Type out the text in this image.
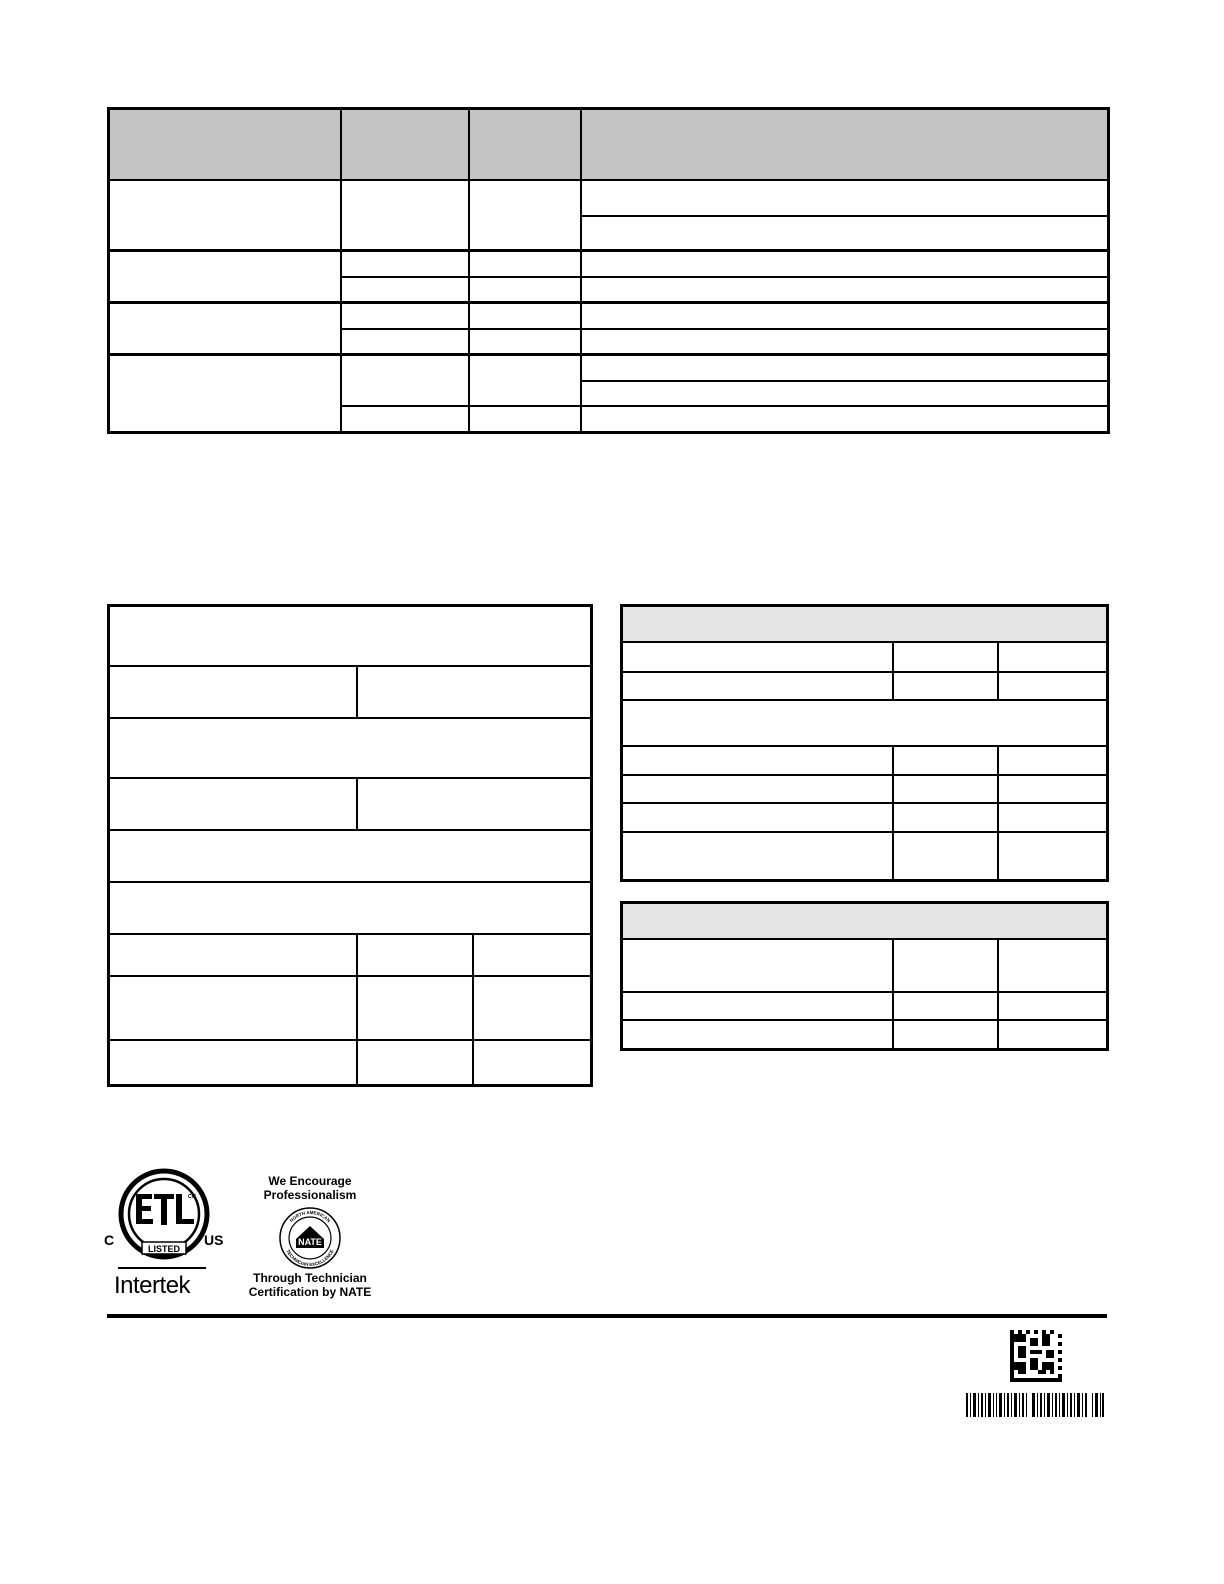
LISTED
CM
C	US
Intertek
We Encourage
Professionalism
NATE
NORTH AMERICAN
TECHNICIAN EXCELLENCE
Through Technician
Certification by NATE
